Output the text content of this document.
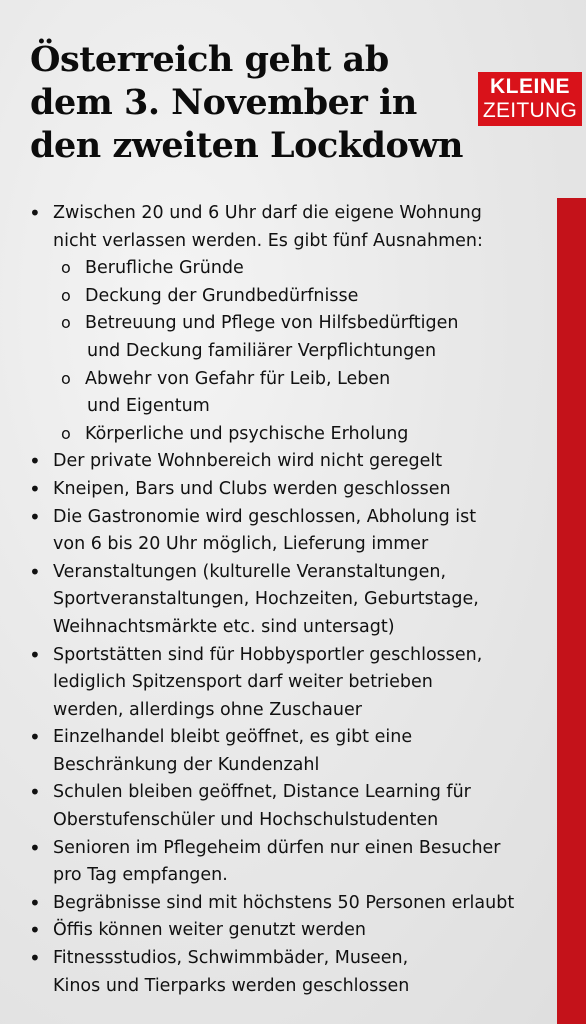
Österreich geht ab
dem 3. November in
den zweiten Lockdown
KLEINE
ZEITUNG
• Zwischen 20 und 6 Uhr darf die eigene Wohnung
nicht verlassen werden. Es gibt fünf Ausnahmen:
o Berufliche Gründe
o Deckung der Grundbedürfnisse
o Betreuung und Pflege von Hilfsbedürftigen
und Deckung familiärer Verpflichtungen
o Abwehr von Gefahr für Leib, Leben
und Eigentum
o Körperliche und psychische Erholung
• Der private Wohnbereich wird nicht geregelt
• Kneipen, Bars und Clubs werden geschlossen
• Die Gastronomie wird geschlossen, Abholung ist
von 6 bis 20 Uhr möglich, Lieferung immer
• Veranstaltungen (kulturelle Veranstaltungen,
Sportveranstaltungen, Hochzeiten, Geburtstage,
Weihnachtsmärkte etc. sind untersagt)
• Sportstätten sind für Hobbysportler geschlossen,
lediglich Spitzensport darf weiter betrieben
werden, allerdings ohne Zuschauer
• Einzelhandel bleibt geöffnet, es gibt eine
Beschränkung der Kundenzahl
• Schulen bleiben geöffnet, Distance Learning für
Oberstufenschüler und Hochschulstudenten
• Senioren im Pflegeheim dürfen nur einen Besucher
pro Tag empfangen.
• Begräbnisse sind mit höchstens 50 Personen erlaubt
• Öffis können weiter genutzt werden
• Fitnessstudios, Schwimmbäder, Museen,
Kinos und Tierparks werden geschlossen
